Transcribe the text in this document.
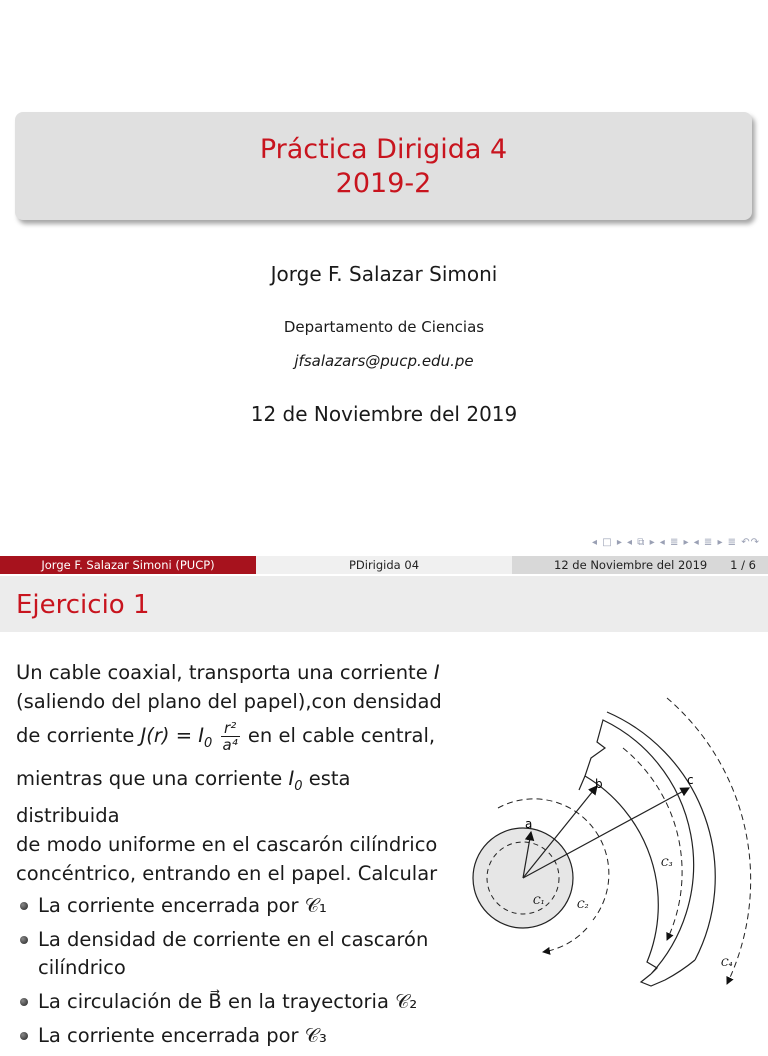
Práctica Dirigida 4
2019-2
Jorge F. Salazar Simoni
Departamento de Ciencias
jfsalazars@pucp.edu.pe
12 de Noviembre del 2019
◂ □ ▸ ◂ ⧉ ▸ ◂ ≣ ▸ ◂ ≣ ▸ ≣ ↶↷
Jorge F. Salazar Simoni (PUCP)	PDirigida 04	12 de Noviembre del 2019 1 / 6
Ejercicio 1

Un cable coaxial, transporta una corriente I

(saliendo del plano del papel),con densidad

de corriente $J(r) = I_0 \frac{\text{r²}}{\text{a⁴}}$ en el cable central,

mientras que una corriente $I_0$ esta distribuida

de modo uniforme en el cascarón cilíndrico

concéntrico, entrando en el papel. Calcular

La corriente encerrada por 𝒞₁
La densidad de corriente en el cascarón cilíndrico
La circulación de B⃗ en la trayectoria 𝒞₂
La corriente encerrada por 𝒞₃
a
b	c
C₁	C₂
C₃
C₄
